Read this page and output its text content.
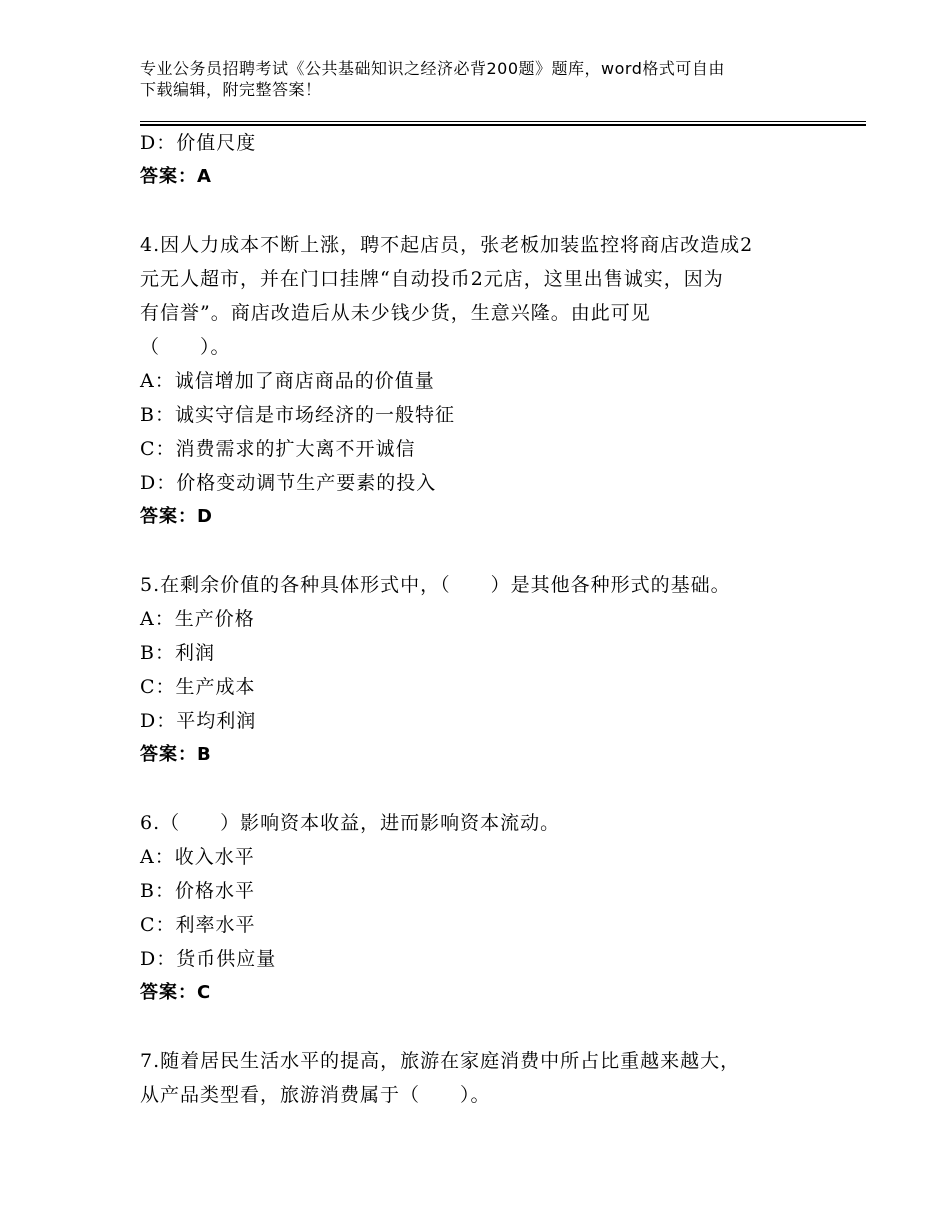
专业公务员招聘考试《公共基础知识之经济必背200题》题库，word格式可自由
下载编辑，附完整答案！
D：价值尺度
答案：A
4.因人力成本不断上涨，聘不起店员，张老板加装监控将商店改造成2
元无人超市，并在门口挂牌“自动投币2元店，这里出售诚实，因为
有信誉”。商店改造后从未少钱少货，生意兴隆。由此可见
（　　）。
A：诚信增加了商店商品的价值量
B：诚实守信是市场经济的一般特征
C：消费需求的扩大离不开诚信
D：价格变动调节生产要素的投入
答案：D
5.在剩余价值的各种具体形式中，（　　）是其他各种形式的基础。
A：生产价格
B：利润
C：生产成本
D：平均利润
答案：B
6.（　　）影响资本收益，进而影响资本流动。
A：收入水平
B：价格水平
C：利率水平
D：货币供应量
答案：C
7.随着居民生活水平的提高，旅游在家庭消费中所占比重越来越大，
从产品类型看，旅游消费属于（　　）。
